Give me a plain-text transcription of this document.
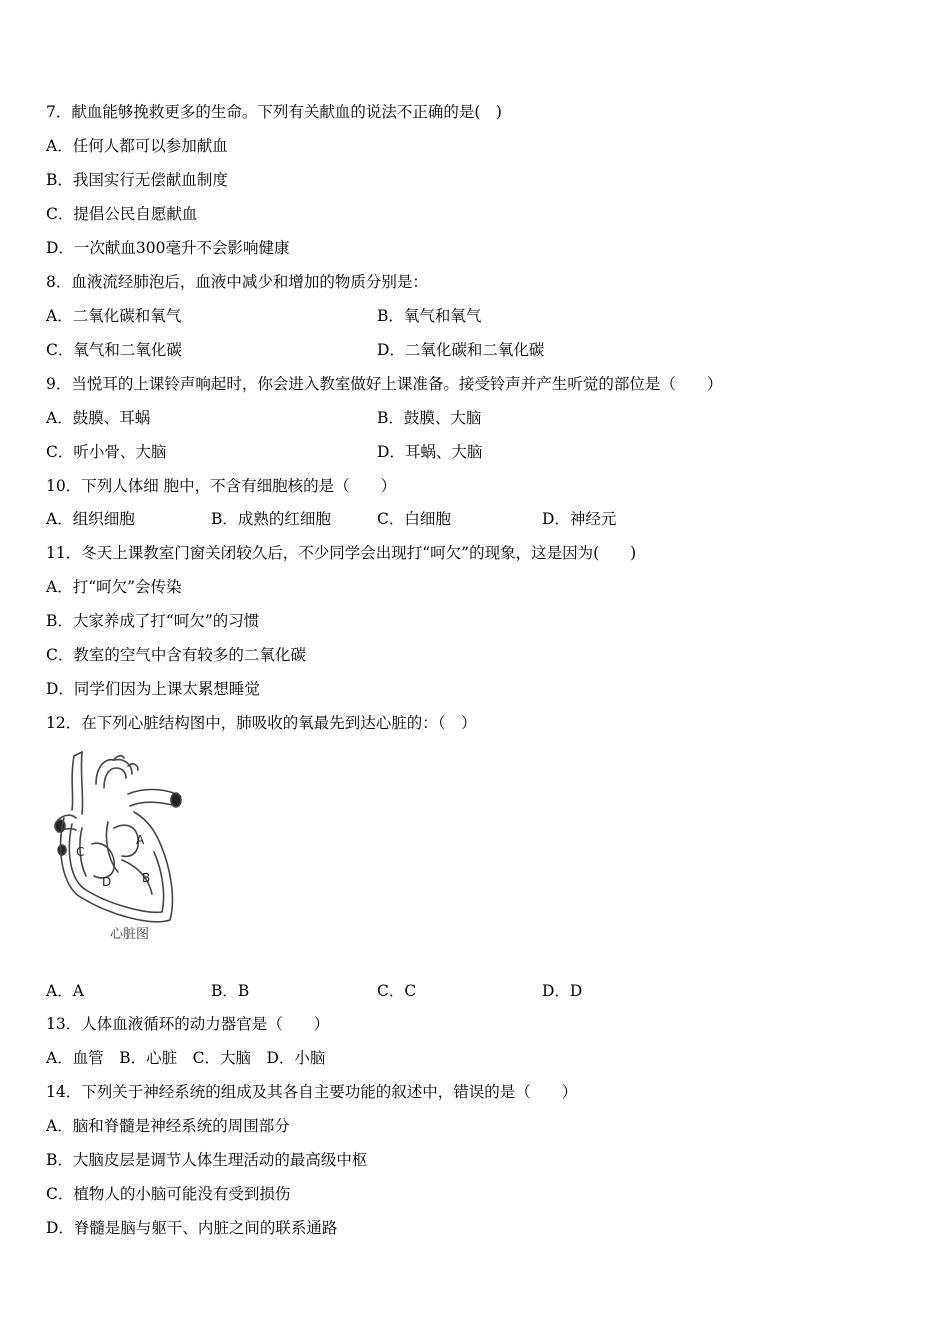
7．献血能够挽救更多的生命。下列有关献血的说法不正确的是(　)
A．任何人都可以参加献血
B．我国实行无偿献血制度
C．提倡公民自愿献血
D．一次献血300毫升不会影响健康
8．血液流经肺泡后，血液中减少和增加的物质分别是：
A．二氧化碳和氧气	B．氧气和氧气
C．氧气和二氧化碳	D．二氧化碳和二氧化碳
9．当悦耳的上课铃声响起时，你会进入教室做好上课准备。接受铃声并产生听觉的部位是（　　）
A．鼓膜、耳蜗	B．鼓膜、大脑
C．听小骨、大脑	D．耳蜗、大脑
10．下列人体细 胞中，不含有细胞核的是（　　）
A．组织细胞	B．成熟的红细胞	C．白细胞	D．神经元
11．冬天上课教室门窗关闭较久后，不少同学会出现打“呵欠”的现象，这是因为(　　)
A．打“呵欠”会传染
B．大家养成了打“呵欠”的习惯
C．教室的空气中含有较多的二氧化碳
D．同学们因为上课太累想睡觉
12．在下列心脏结构图中，肺吸收的氧最先到达心脏的：（　）
A
B
C
D
心脏图
A．A	B．B	C．C	D．D
13．人体血液循环的动力器官是（　　）
A．血管　B．心脏　C．大脑　D．小脑
14．下列关于神经系统的组成及其各自主要功能的叙述中，错误的是（　　）
A．脑和脊髓是神经系统的周围部分
B．大脑皮层是调节人体生理活动的最高级中枢
C．植物人的小脑可能没有受到损伤
D．脊髓是脑与躯干、内脏之间的联系通路
